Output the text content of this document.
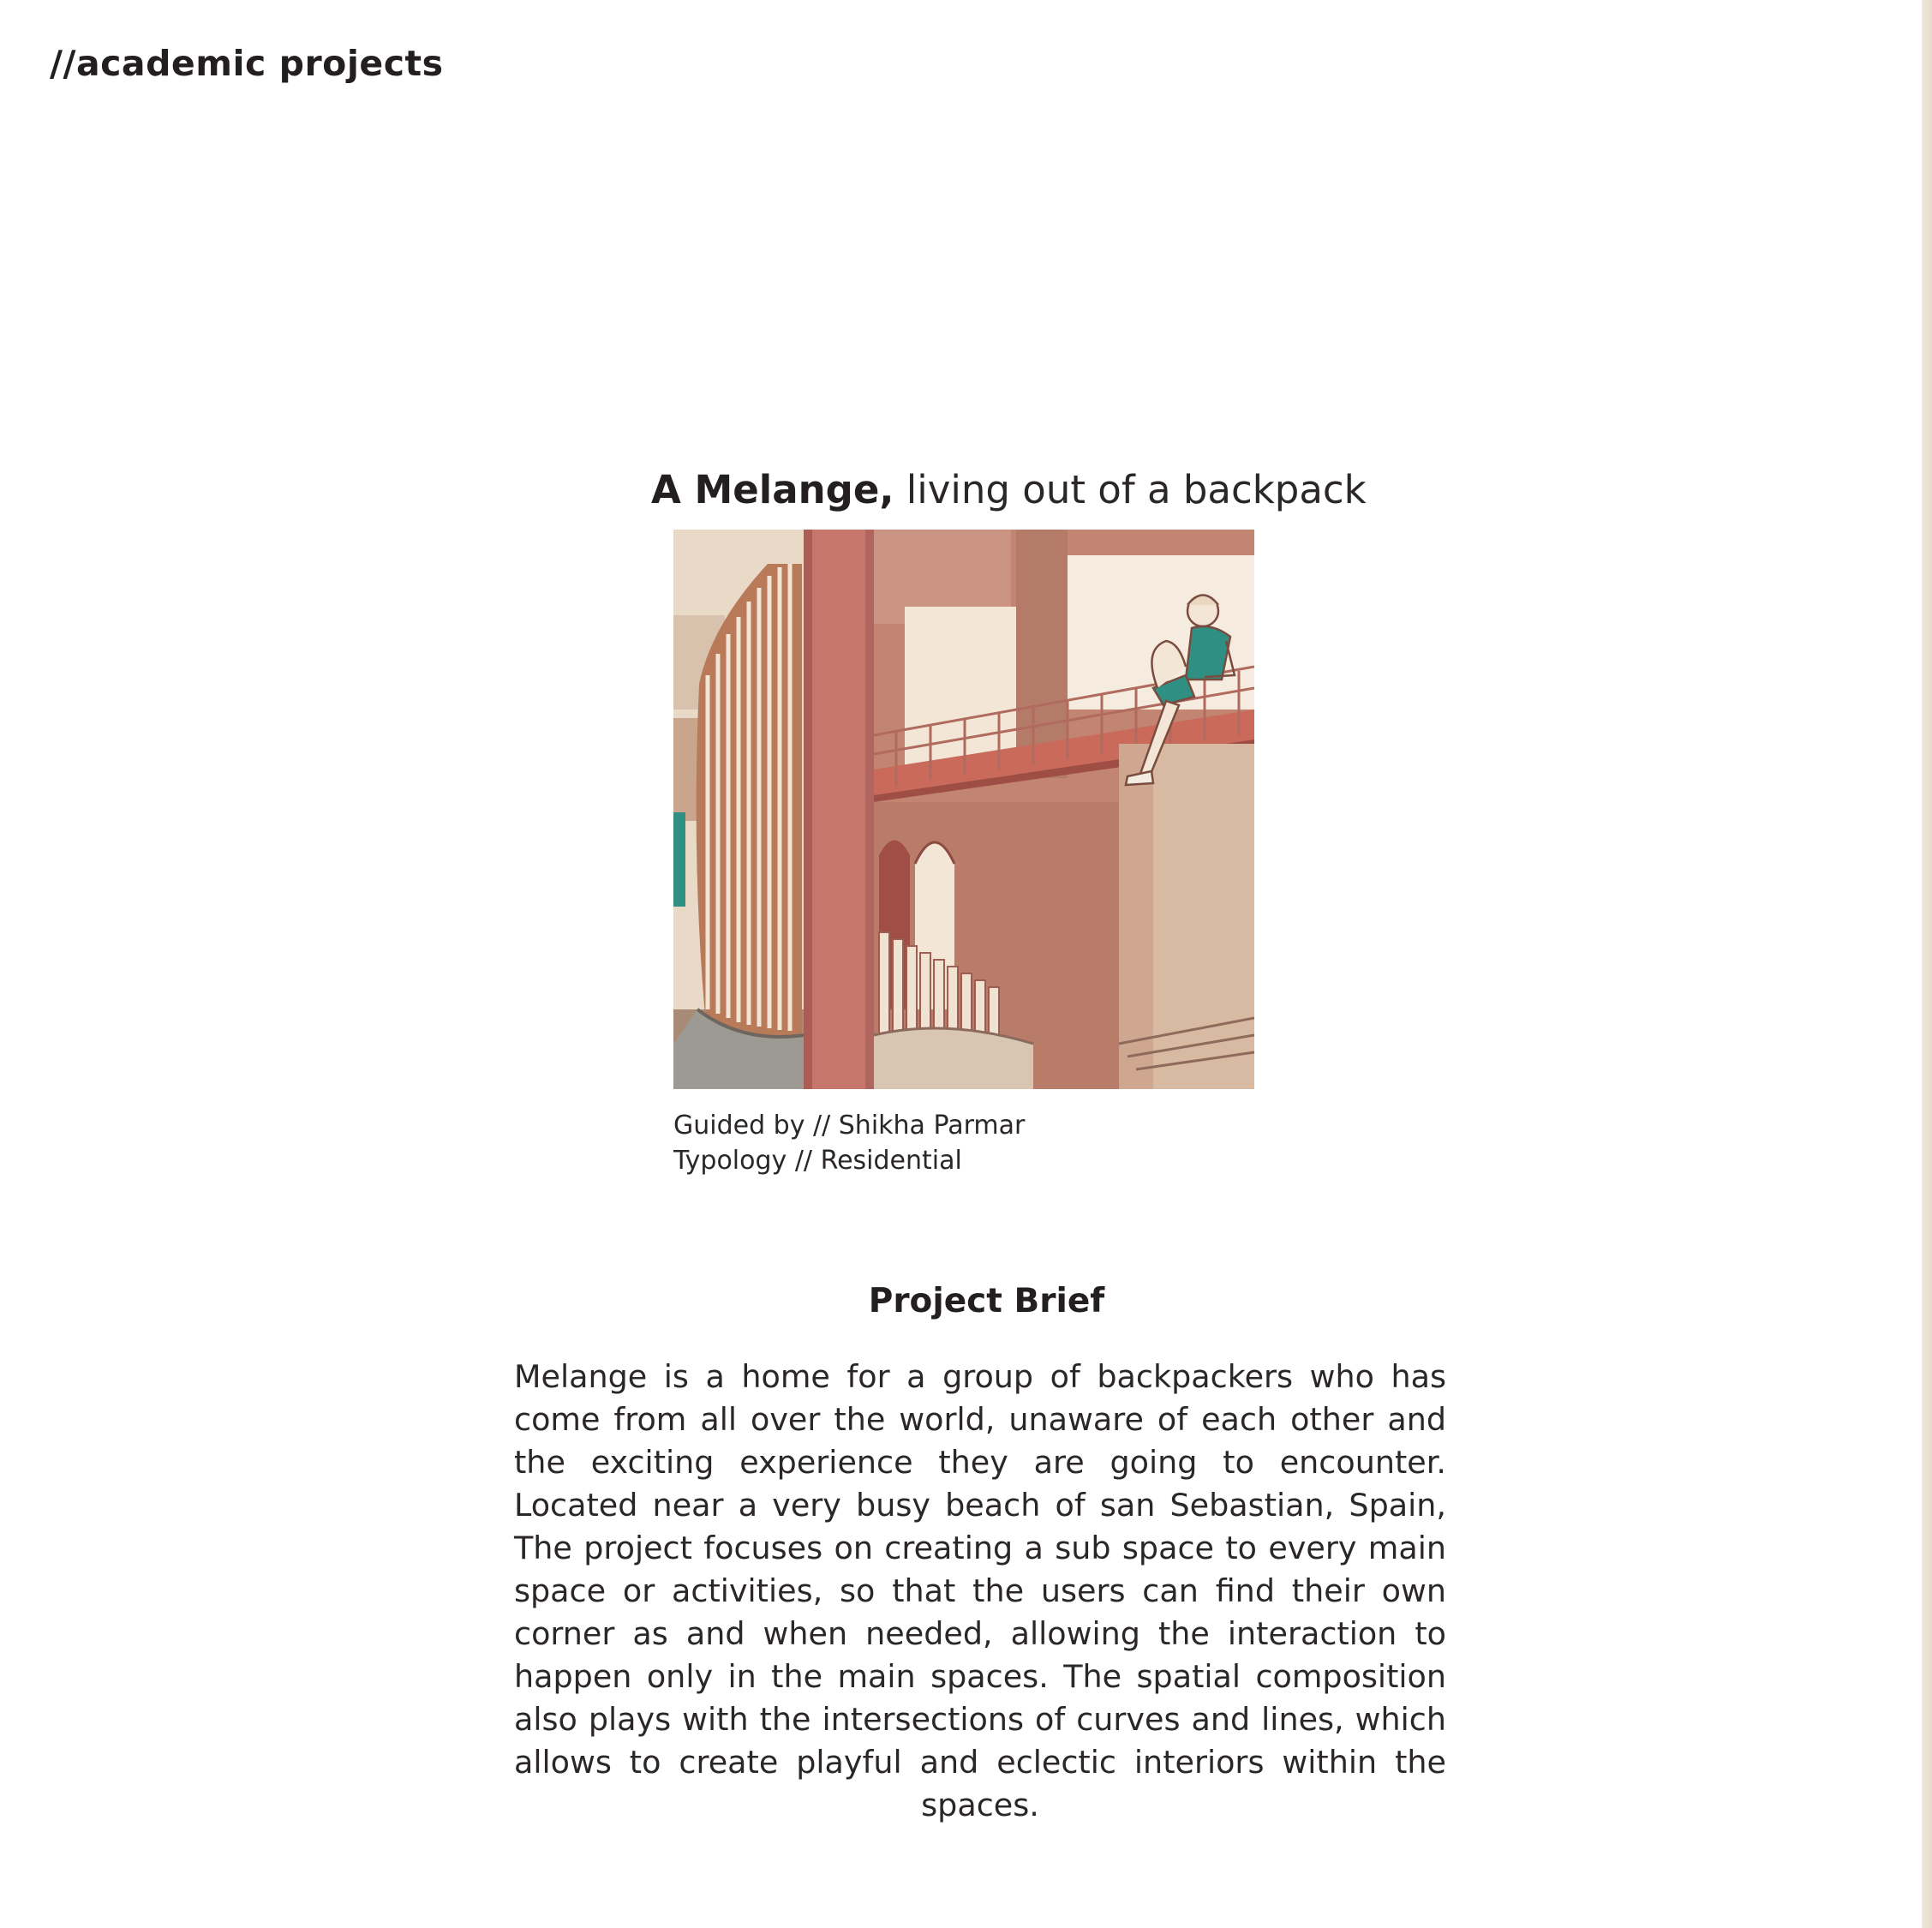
//academic projects
A Melange, living out of a backpack
Guided by // Shikha Parmar
Typology // Residential
Project Brief
Melange is a home for a group of backpackers who has come from all over the world, unaware of each other and the exciting experience they are going to encounter. Located near a very busy beach of san Sebastian, Spain, The project focuses on creating a sub space to every main space or activities, so that the users can find their own corner as and when needed, allowing the interaction to happen only in the main spaces. The spatial composition also plays with the intersections of curves and lines, which allows to create playful and eclectic interiors within the spaces.
